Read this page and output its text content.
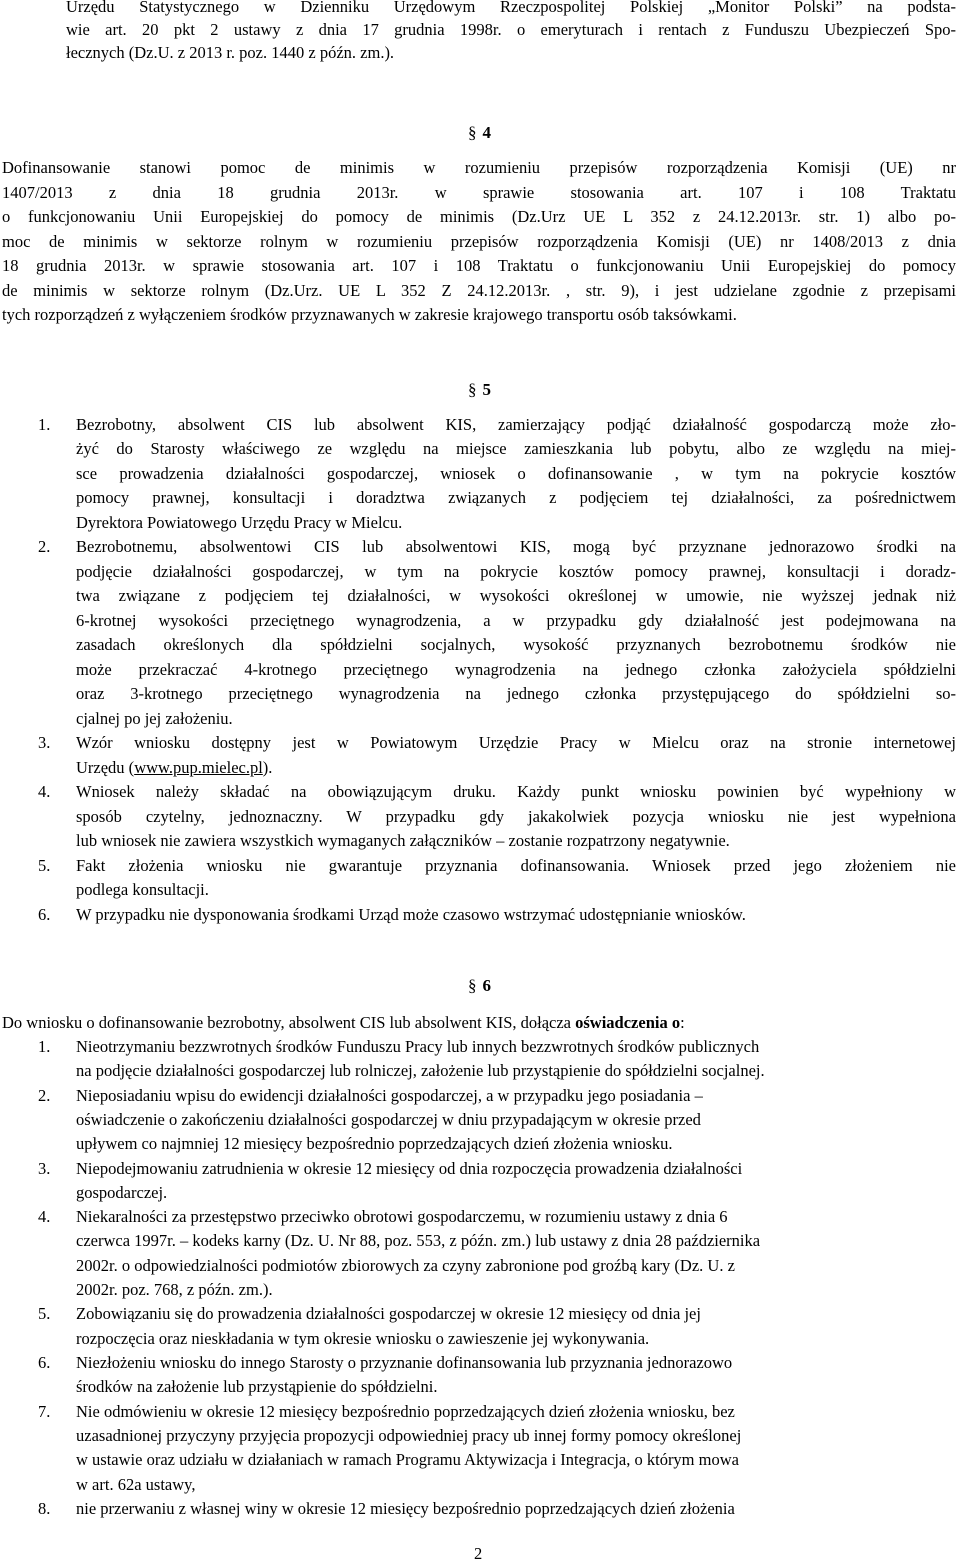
Urzędu Statystycznego w Dzienniku Urzędowym Rzeczpospolitej Polskiej „Monitor Polski” na podsta-
wie art. 20 pkt 2 ustawy z dnia 17 grudnia 1998r. o emeryturach i rentach z Funduszu Ubezpieczeń Spo-
łecznych (Dz.U. z 2013 r. poz. 1440 z późn. zm.).
§ 4
Dofinansowanie stanowi pomoc de minimis w rozumieniu przepisów rozporządzenia Komisji (UE) nr
1407/2013 z dnia 18 grudnia 2013r. w sprawie stosowania art. 107 i 108 Traktatu
o funkcjonowaniu Unii Europejskiej do pomocy de minimis (Dz.Urz UE L 352 z 24.12.2013r. str. 1) albo po-
moc de minimis w sektorze rolnym w rozumieniu przepisów rozporządzenia Komisji (UE) nr 1408/2013 z dnia
18 grudnia 2013r. w sprawie stosowania art. 107 i 108 Traktatu o funkcjonowaniu Unii Europejskiej do pomocy
de minimis w sektorze rolnym (Dz.Urz. UE L 352 Z 24.12.2013r. , str. 9), i jest udzielane zgodnie z przepisami
tych rozporządzeń z wyłączeniem środków przyznawanych w zakresie krajowego transportu osób taksówkami.
§ 5
1. Bezrobotny, absolwent CIS lub absolwent KIS, zamierzający podjąć działalność gospodarczą może zło-
żyć do Starosty właściwego ze względu na miejsce zamieszkania lub pobytu, albo ze względu na miej-
sce prowadzenia działalności gospodarczej, wniosek o dofinansowanie , w tym na pokrycie kosztów
pomocy prawnej, konsultacji i doradztwa związanych z podjęciem tej działalności, za pośrednictwem
Dyrektora Powiatowego Urzędu Pracy w Mielcu.
2. Bezrobotnemu, absolwentowi CIS lub absolwentowi KIS, mogą być przyznane jednorazowo środki na
podjęcie działalności gospodarczej, w tym na pokrycie kosztów pomocy prawnej, konsultacji i doradz-
twa związane z podjęciem tej działalności, w wysokości określonej w umowie, nie wyższej jednak niż
6-krotnej wysokości przeciętnego wynagrodzenia, a w przypadku gdy działalność jest podejmowana na
zasadach określonych dla spółdzielni socjalnych, wysokość przyznanych bezrobotnemu środków nie
może przekraczać 4-krotnego przeciętnego wynagrodzenia na jednego członka założyciela spółdzielni
oraz 3-krotnego przeciętnego wynagrodzenia na jednego członka przystępującego do spółdzielni so-
cjalnej po jej założeniu.
3. Wzór wniosku dostępny jest w Powiatowym Urzędzie Pracy w Mielcu oraz na stronie internetowej
Urzędu (www.pup.mielec.pl).
4. Wniosek należy składać na obowiązującym druku. Każdy punkt wniosku powinien być wypełniony w
sposób czytelny, jednoznaczny. W przypadku gdy jakakolwiek pozycja wniosku nie jest wypełniona
lub wniosek nie zawiera wszystkich wymaganych załączników – zostanie rozpatrzony negatywnie.
5. Fakt złożenia wniosku nie gwarantuje przyznania dofinansowania. Wniosek przed jego złożeniem nie
podlega konsultacji.
6. W przypadku nie dysponowania środkami Urząd może czasowo wstrzymać udostępnianie wniosków.
§ 6
Do wniosku o dofinansowanie bezrobotny, absolwent CIS lub absolwent KIS, dołącza oświadczenia o:
1. Nieotrzymaniu bezzwrotnych środków Funduszu Pracy lub innych bezzwrotnych środków publicznych
na podjęcie działalności gospodarczej lub rolniczej, założenie lub przystąpienie do spółdzielni socjalnej.
2. Nieposiadaniu wpisu do ewidencji działalności gospodarczej, a w przypadku jego posiadania –
oświadczenie o zakończeniu działalności gospodarczej w dniu przypadającym w okresie przed
upływem co najmniej 12 miesięcy bezpośrednio poprzedzających dzień złożenia wniosku.
3. Niepodejmowaniu zatrudnienia w okresie 12 miesięcy od dnia rozpoczęcia prowadzenia działalności
gospodarczej.
4. Niekaralności za przestępstwo przeciwko obrotowi gospodarczemu, w rozumieniu ustawy z dnia 6
czerwca 1997r. – kodeks karny (Dz. U. Nr 88, poz. 553, z późn. zm.) lub ustawy z dnia 28 października
2002r. o odpowiedzialności podmiotów zbiorowych za czyny zabronione pod groźbą kary (Dz. U. z
2002r. poz. 768, z późn. zm.).
5. Zobowiązaniu się do prowadzenia działalności gospodarczej w okresie 12 miesięcy od dnia jej
rozpoczęcia oraz nieskładania w tym okresie wniosku o zawieszenie jej wykonywania.
6. Niezłożeniu wniosku do innego Starosty o przyznanie dofinansowania lub przyznania jednorazowo
środków na założenie lub przystąpienie do spółdzielni.
7. Nie odmówieniu w okresie 12 miesięcy bezpośrednio poprzedzających dzień złożenia wniosku, bez
uzasadnionej przyczyny przyjęcia propozycji odpowiedniej pracy ub innej formy pomocy określonej
w ustawie oraz udziału w działaniach w ramach Programu Aktywizacja i Integracja, o którym mowa
w art. 62a ustawy,
8. nie przerwaniu z własnej winy w okresie 12 miesięcy bezpośrednio poprzedzających dzień złożenia
2
